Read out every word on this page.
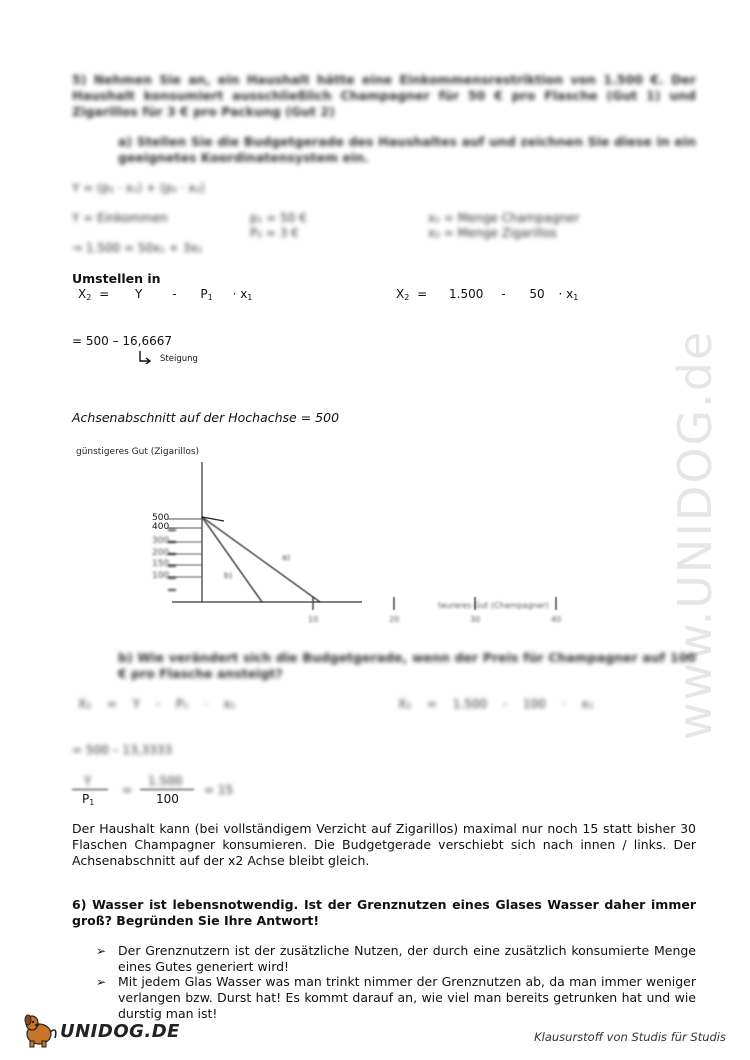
www.UNIDOG.de
5) Nehmen Sie an, ein Haushalt hätte eine Einkommensrestriktion von 1.500 €. Der Haushalt konsumiert ausschließlich Champagner für 50 € pro Flasche (Gut 1) und Zigarillos für 3 € pro Packung (Gut 2)
a) Stellen Sie die Budgetgerade des Haushaltes auf und zeichnen Sie diese in ein geeignetes Koordinatensystem ein.
Y = (p₁ · x₁) + (p₂ · x₂)
Y = Einkommen	p₁ = 50 €
P₂ = 3 €
x₁ = Menge Champagner
x₂ = Menge Zigarillos
⇒ 1.500 = 50x₁ + 3x₂
Umstellen in
$X_2 = Y - P_1 \cdot x_1$	$X_2 = 1.500 - 50 \cdot x_1$
= 500 – 16,6667
Steigung
Achsenabschnitt auf der Hochachse = 500
günstigeres Gut (Zigarillos)
500
400
300
200
150
100
10	20	30	40
teureres Gut (Champagner)
a)
b)
b) Wie verändert sich die Budgetgerade, wenn der Preis für Champagner auf 100 € pro Flasche ansteigt?
X₂ = Y - P₁ · x₁	X₂ = 1.500 - 100 · x₁
= 500 – 13,3333
Y
$P_1$
=
1.500
100
= 15
Der Haushalt kann (bei vollständigem Verzicht auf Zigarillos) maximal nur noch 15 statt bisher 30 Flaschen Champagner konsumieren. Die Budgetgerade verschiebt sich nach innen / links. Der Achsenabschnitt auf der x2 Achse bleibt gleich.
6) Wasser ist lebensnotwendig. Ist der Grenznutzen eines Glases Wasser daher immer groß? Begründen Sie Ihre Antwort!
➢ Der Grenznutzern ist der zusätzliche Nutzen, der durch eine zusätzlich konsumierte Menge eines Gutes generiert wird!
➢ Mit jedem Glas Wasser was man trinkt nimmer der Grenznutzen ab, da man immer weniger verlangen bzw. Durst hat! Es kommt darauf an, wie viel man bereits getrunken hat und wie durstig man ist!
UNIDOG.DE	Klausurstoff von Studis für Studis
